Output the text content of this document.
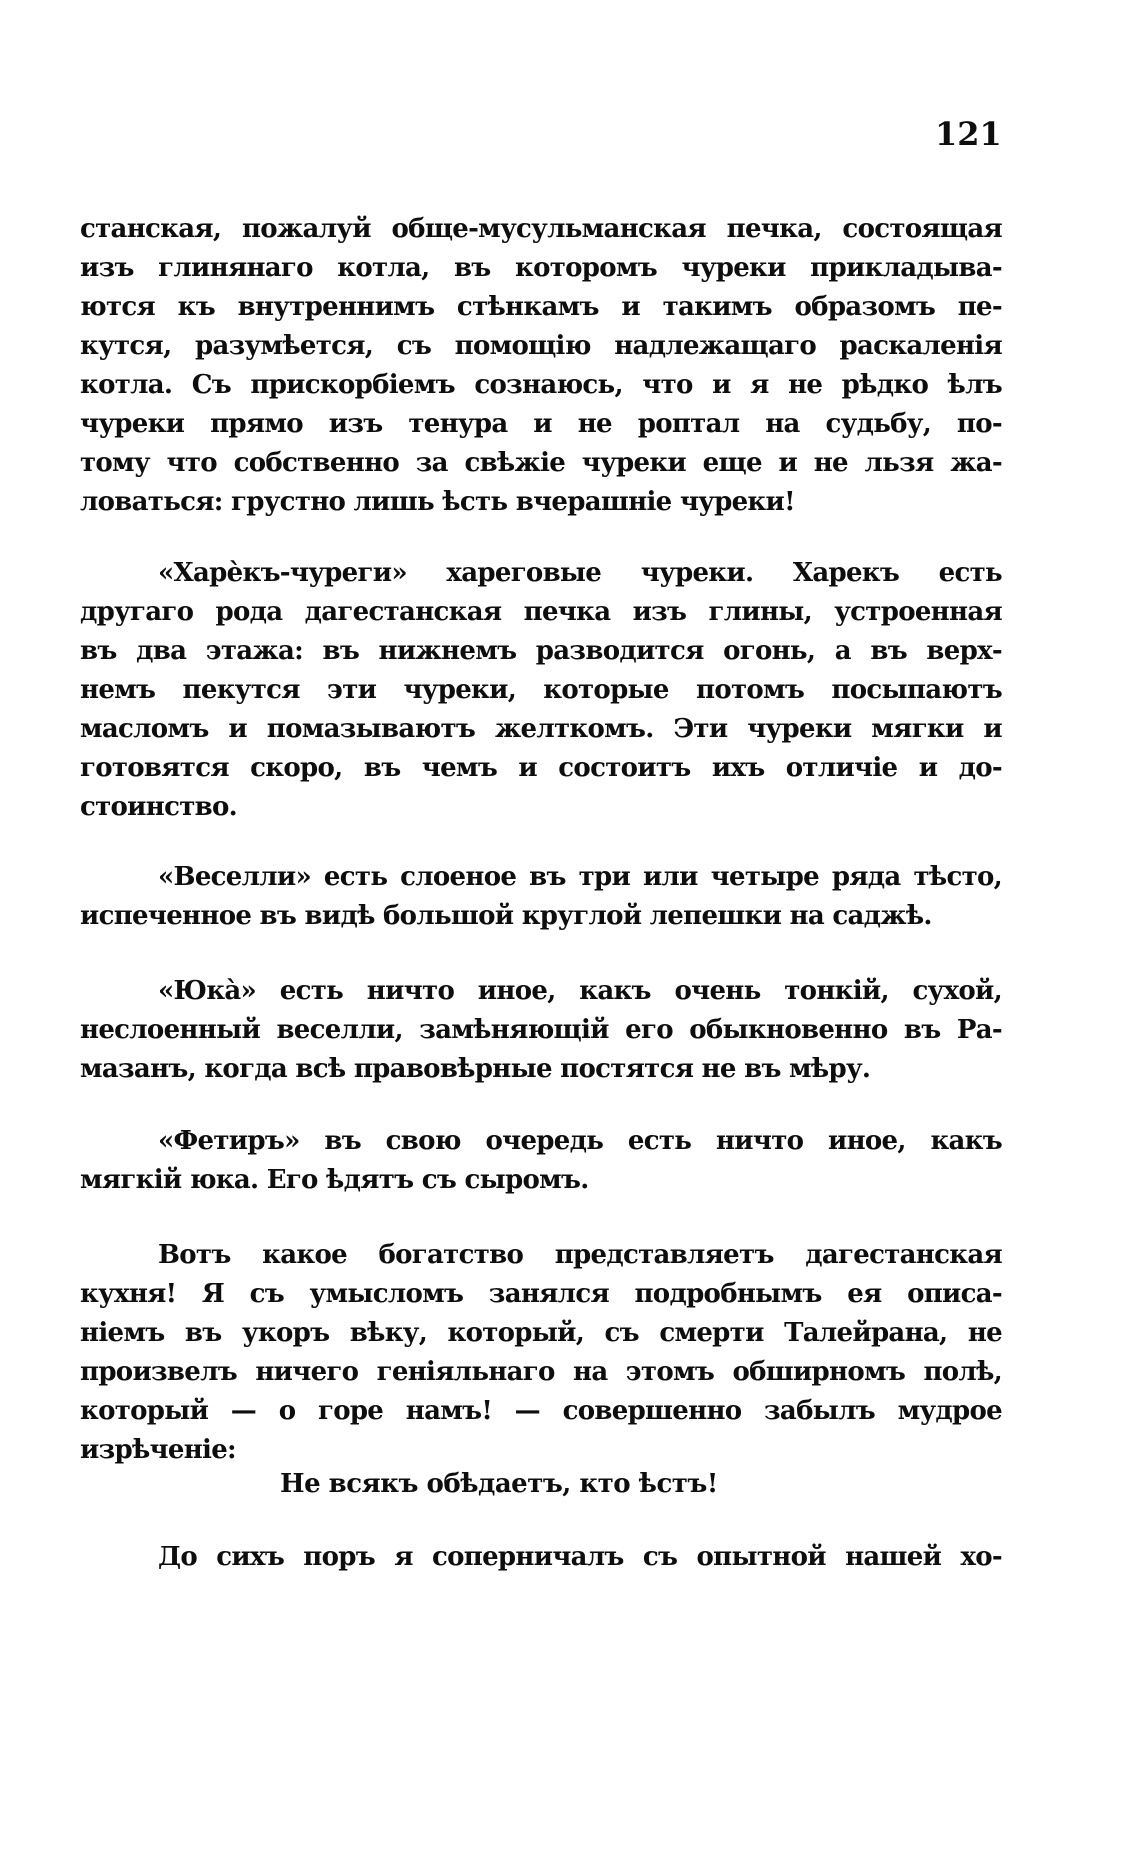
121
станская, пожалуй обще-мусульманская печка, состоящая
изъ глинянаго котла, въ которомъ чуреки прикладыва-
ются къ внутреннимъ стѣнкамъ и такимъ образомъ пе-
кутся, разумѣется, съ помощію надлежащаго раскаленія
котла. Съ прискорбіемъ сознаюсь, что и я не рѣдко ѣлъ
чуреки прямо изъ тенура и не роптал на судьбу, по-
тому что собственно за свѣжіе чуреки еще и не льзя жа-
ловаться: грустно лишь ѣсть вчерашніе чуреки!
«Харѐкъ-чуреги» хареговые чуреки. Харекъ есть
другаго рода дагестанская печка изъ глины, устроенная
въ два этажа: въ нижнемъ разводится огонь, а въ верх-
немъ пекутся эти чуреки, которые потомъ посыпаютъ
масломъ и помазываютъ желткомъ. Эти чуреки мягки и
готовятся скоро, въ чемъ и состоитъ ихъ отличіе и до-
стоинство.
«Веселли» есть слоеное въ три или четыре ряда тѣсто,
испеченное въ видѣ большой круглой лепешки на саджѣ.
«Юкà» есть ничто иное, какъ очень тонкій, сухой,
неслоенный веселли, замѣняющій его обыкновенно въ Ра-
мазанъ, когда всѣ правовѣрные постятся не въ мѣру.
«Фетиръ» въ свою очередь есть ничто иное, какъ
мягкій юка. Его ѣдятъ съ сыромъ.
Вотъ какое богатство представляетъ дагестанская
кухня! Я съ умысломъ занялся подробнымъ ея описа-
ніемъ въ укоръ вѣку, который, съ смерти Талейрана, не
произвелъ ничего геніяльнаго на этомъ обширномъ полѣ,
который — о горе намъ! — совершенно забылъ мудрое
изрѣченіе:
Не всякъ обѣдаетъ, кто ѣстъ!
До сихъ поръ я соперничалъ съ опытной нашей хо-
